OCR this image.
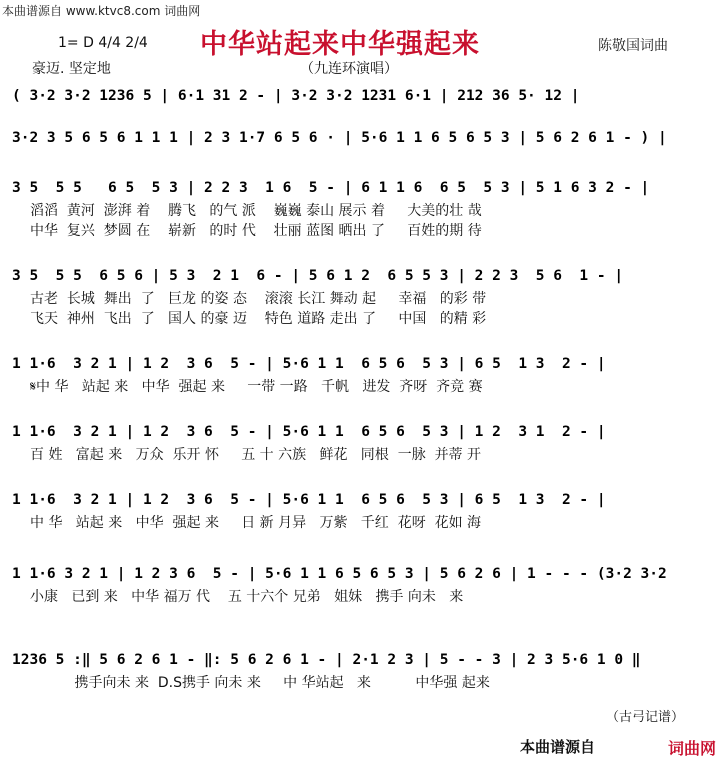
本曲谱源自 www.ktvc8.com 词曲网
中华站起来中华强起来	陈敬国词曲
1= D 4/4 2/4
豪迈. 坚定地	（九连环演唱）
( 3·2 3·2 1236 5 | 6·1 31 2 - | 3·2 3·2 1231 6·1 | 212 36 5· 12 |
3·2 3 5 6 5 6 1 1 1 | 2 3 1·7 6 5 6 · | 5·6 1 1 6 5 6 5 3 | 5 6 2 6 1 - ) |
3 5  5 5   6 5  5 3 | 2 2 3  1 6  5 - | 6 1 1 6  6 5  5 3 | 5 1 6 3 2 - |
滔滔  黄河  澎湃 着    腾飞   的气 派    巍巍 泰山 展示 着     大美的壮 哉
中华  复兴  梦圆 在    崭新   的时 代    壮丽 蓝图 晒出 了     百姓的期 待
3 5  5 5  6 5 6 | 5 3  2 1  6 - | 5 6 1 2  6 5 5 3 | 2 2 3  5 6  1 - |
古老  长城  舞出  了   巨龙 的姿 态    滚滚 长江 舞动 起     幸福   的彩 带
飞天  神州  飞出  了   国人 的豪 迈    特色 道路 走出 了     中国   的精 彩
1 1·6  3 2 1 | 1 2  3 6  5 - | 5·6 1 1  6 5 6  5 3 | 6 5  1 3  2 - |
𝄋中 华   站起 来   中华  强起 来     一带 一路   千帆   进发  齐呀  齐竞 赛
1 1·6  3 2 1 | 1 2  3 6  5 - | 5·6 1 1  6 5 6  5 3 | 1 2  3 1  2 - |
百 姓   富起 来   万众  乐开 怀     五 十 六族   鲜花   同根  一脉  并蒂 开
1 1·6  3 2 1 | 1 2  3 6  5 - | 5·6 1 1  6 5 6  5 3 | 6 5  1 3  2 - |
中 华   站起 来   中华  强起 来     日 新 月异   万紫   千红  花呀  花如 海
1 1·6 3 2 1 | 1 2 3 6  5 - | 5·6 1 1 6 5 6 5 3 | 5 6 2 6 | 1 - - - (3·2 3·2
小康   已到 来   中华 福万 代    五 十六个 兄弟   姐妹   携手 向未   来
1236 5 :‖ 5 6 2 6 1 - ‖: 5 6 2 6 1 - | 2·1 2 3 | 5 - - 3 | 2 3 5·6 1 0 ‖
携手向未 来  D.S携手 向未 来     中 华站起   来          中华强 起来
（古弓记谱）
本曲谱源自	词曲网
